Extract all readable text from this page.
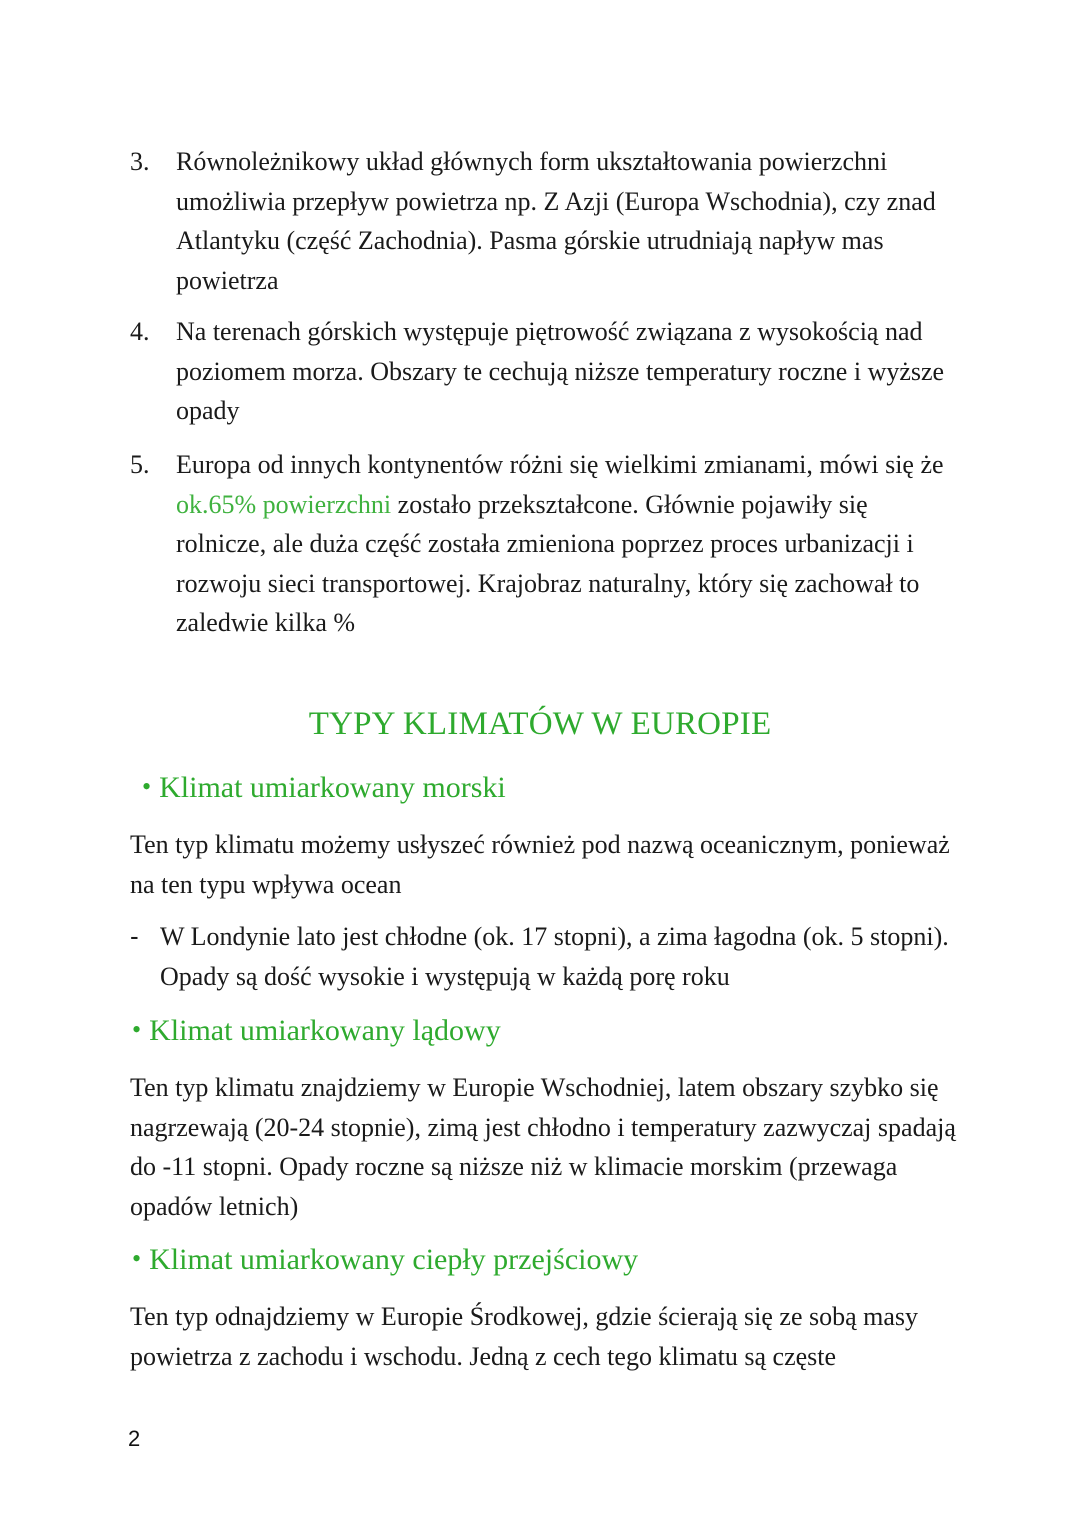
3.	Równoleżnikowy układ głównych form ukształtowania powierzchni umożliwia przepływ powietrza np. Z Azji (Europa Wschodnia), czy znad Atlantyku (część Zachodnia). Pasma górskie utrudniają napływ mas powietrza
4.	Na terenach górskich występuje piętrowość związana z wysokością nad poziomem morza. Obszary te cechują niższe temperatury roczne i wyższe opady
5.	Europa od innych kontynentów różni się wielkimi zmianami, mówi się że ok.65% powierzchni zostało przekształcone. Głównie pojawiły się rolnicze, ale duża część została zmieniona poprzez proces urbanizacji i rozwoju sieci transportowej. Krajobraz naturalny, który się zachował to zaledwie kilka %
TYPY KLIMATÓW W EUROPIE
• Klimat umiarkowany morski
Ten typ klimatu możemy usłyszeć również pod nazwą oceanicznym, ponieważ na ten typu wpływa ocean
- W Londynie lato jest chłodne (ok. 17 stopni), a zima łagodna (ok. 5 stopni). Opady są dość wysokie i występują w każdą porę roku
• Klimat umiarkowany lądowy
Ten typ klimatu znajdziemy w Europie Wschodniej, latem obszary szybko się nagrzewają (20-24 stopnie), zimą jest chłodno i temperatury zazwyczaj spadają do -11 stopni. Opady roczne są niższe niż w klimacie morskim (przewaga opadów letnich)
• Klimat umiarkowany ciepły przejściowy
Ten typ odnajdziemy w Europie Środkowej, gdzie ścierają się ze sobą masy powietrza z zachodu i wschodu. Jedną z cech tego klimatu są częste
2
